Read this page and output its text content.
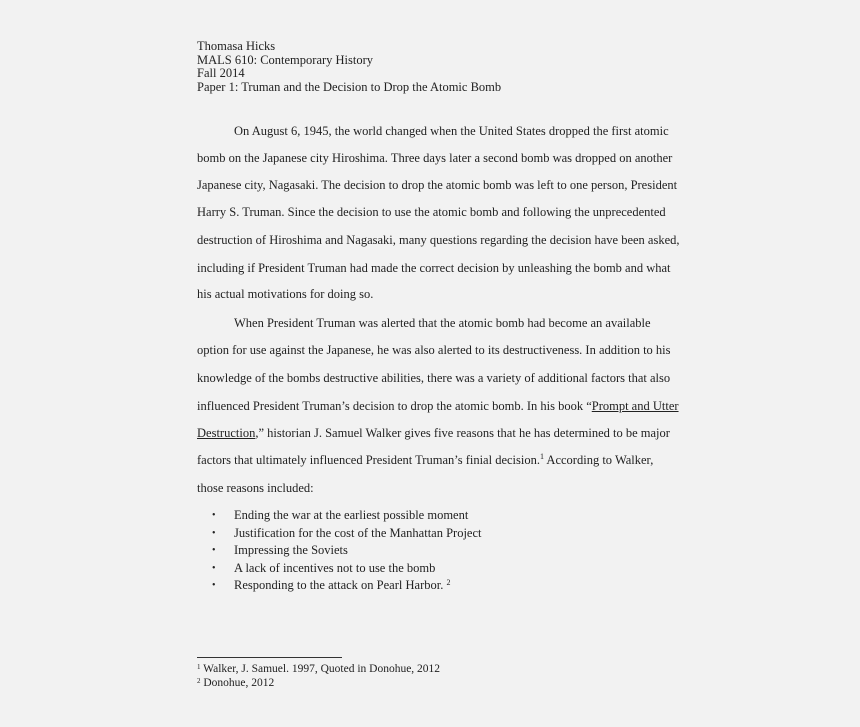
Thomasa Hicks
MALS 610: Contemporary History
Fall 2014
Paper 1: Truman and the Decision to Drop the Atomic Bomb
On August 6, 1945, the world changed when the United States dropped the first atomic
bomb on the Japanese city Hiroshima. Three days later a second bomb was dropped on another
Japanese city, Nagasaki. The decision to drop the atomic bomb was left to one person, President
Harry S. Truman. Since the decision to use the atomic bomb and following the unprecedented
destruction of Hiroshima and Nagasaki, many questions regarding the decision have been asked,
including if President Truman had made the correct decision by unleashing the bomb and what
his actual motivations for doing so.
When President Truman was alerted that the atomic bomb had become an available
option for use against the Japanese, he was also alerted to its destructiveness. In addition to his
knowledge of the bombs destructive abilities, there was a variety of additional factors that also
influenced President Truman’s decision to drop the atomic bomb. In his book “Prompt and Utter
Destruction,” historian J. Samuel Walker gives five reasons that he has determined to be major
factors that ultimately influenced President Truman’s finial decision.$^1$ According to Walker,
those reasons included:
•	Ending the war at the earliest possible moment
•	Justification for the cost of the Manhattan Project
•	Impressing the Soviets
•	A lack of incentives not to use the bomb
•	Responding to the attack on Pearl Harbor. $^2$
$^1$ Walker, J. Samuel. 1997, Quoted in Donohue, 2012
$^2$ Donohue, 2012
